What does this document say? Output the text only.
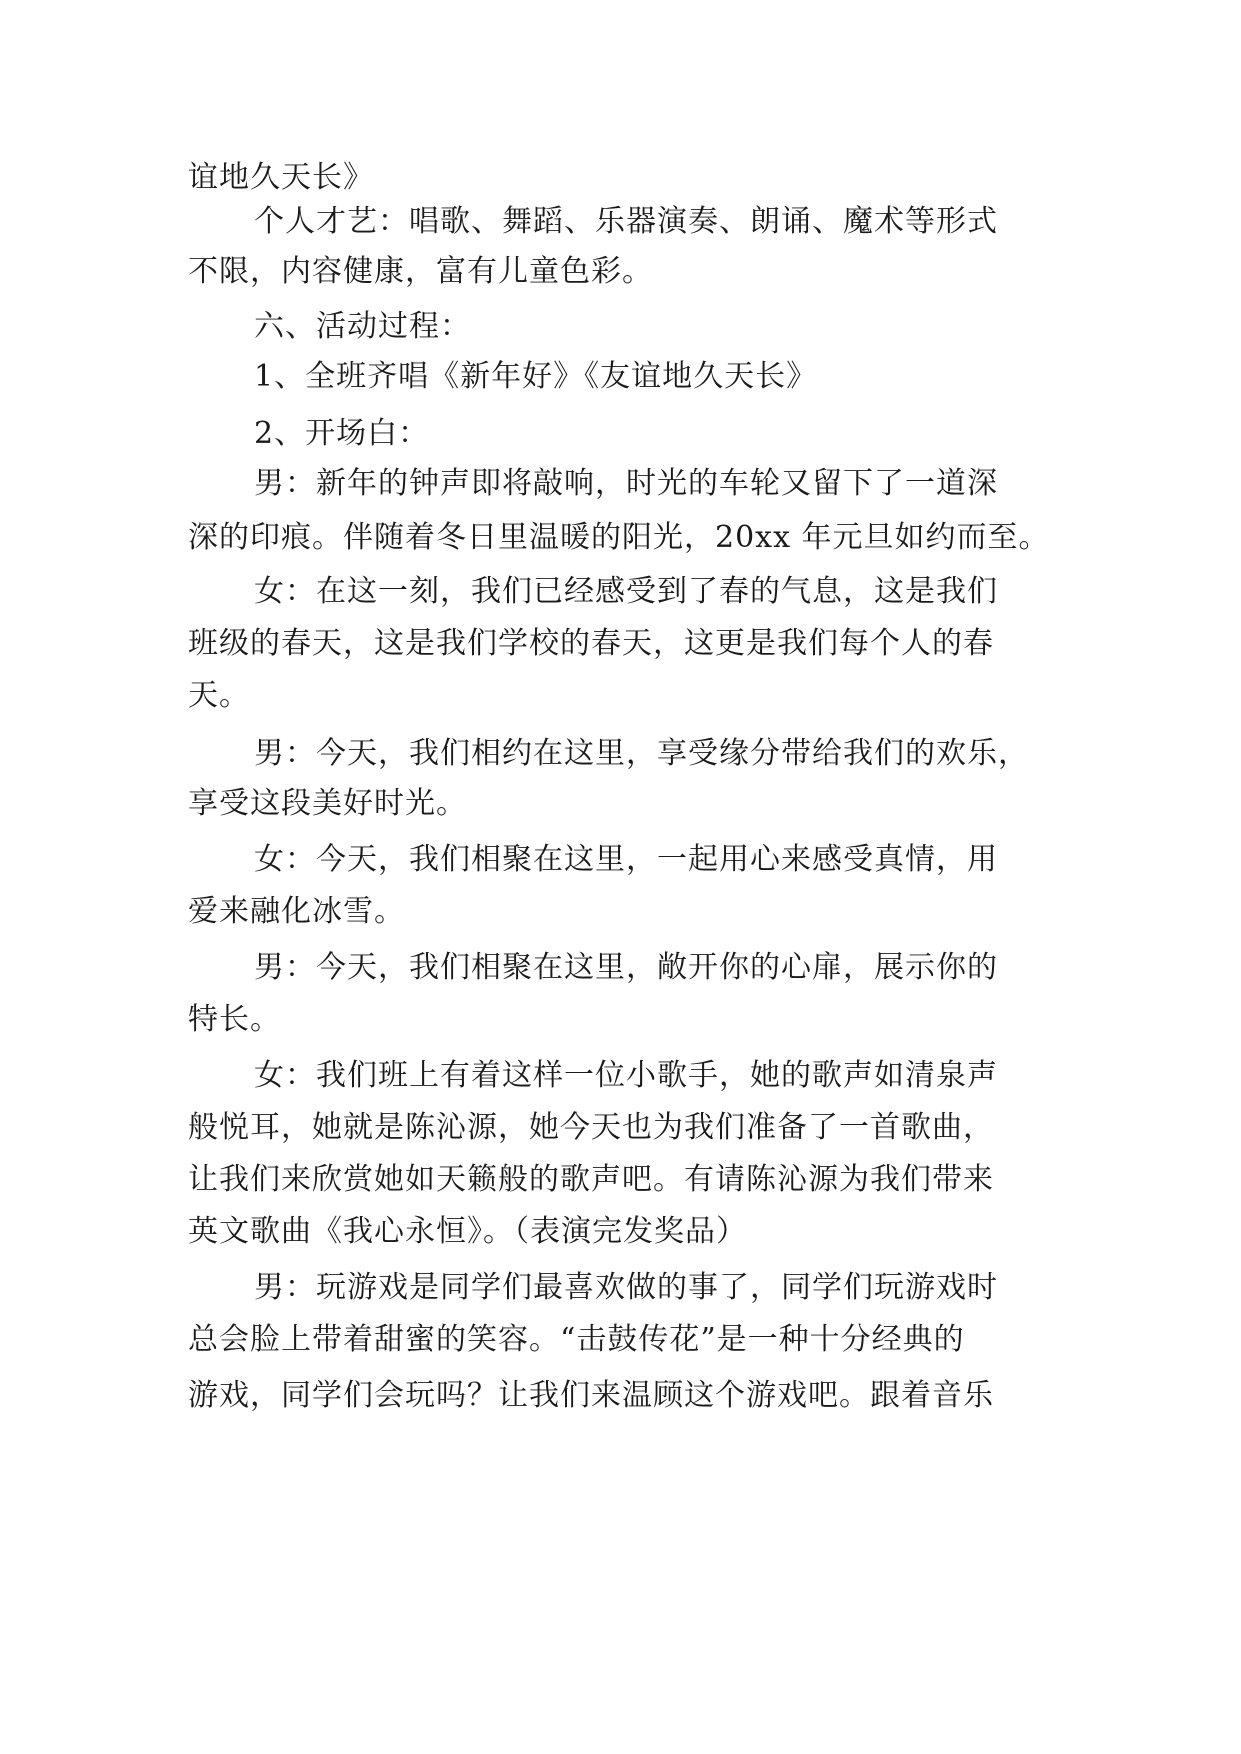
谊地久天长》
个人才艺：唱歌、舞蹈、乐器演奏、朗诵、魔术等形式
不限，内容健康，富有儿童色彩。
六、活动过程：
1、全班齐唱《新年好》《友谊地久天长》
2、开场白：
男：新年的钟声即将敲响，时光的车轮又留下了一道深
深的印痕。伴随着冬日里温暖的阳光，20xx 年元旦如约而至。
女：在这一刻，我们已经感受到了春的气息，这是我们
班级的春天，这是我们学校的春天，这更是我们每个人的春
天。
男：今天，我们相约在这里，享受缘分带给我们的欢乐，
享受这段美好时光。
女：今天，我们相聚在这里，一起用心来感受真情，用
爱来融化冰雪。
男：今天，我们相聚在这里，敞开你的心扉，展示你的
特长。
女：我们班上有着这样一位小歌手，她的歌声如清泉声
般悦耳，她就是陈沁源，她今天也为我们准备了一首歌曲，
让我们来欣赏她如天籁般的歌声吧。有请陈沁源为我们带来
英文歌曲《我心永恒》。（表演完发奖品）
男：玩游戏是同学们最喜欢做的事了，同学们玩游戏时
总会脸上带着甜蜜的笑容。“击鼓传花”是一种十分经典的
游戏，同学们会玩吗？让我们来温顾这个游戏吧。跟着音乐
